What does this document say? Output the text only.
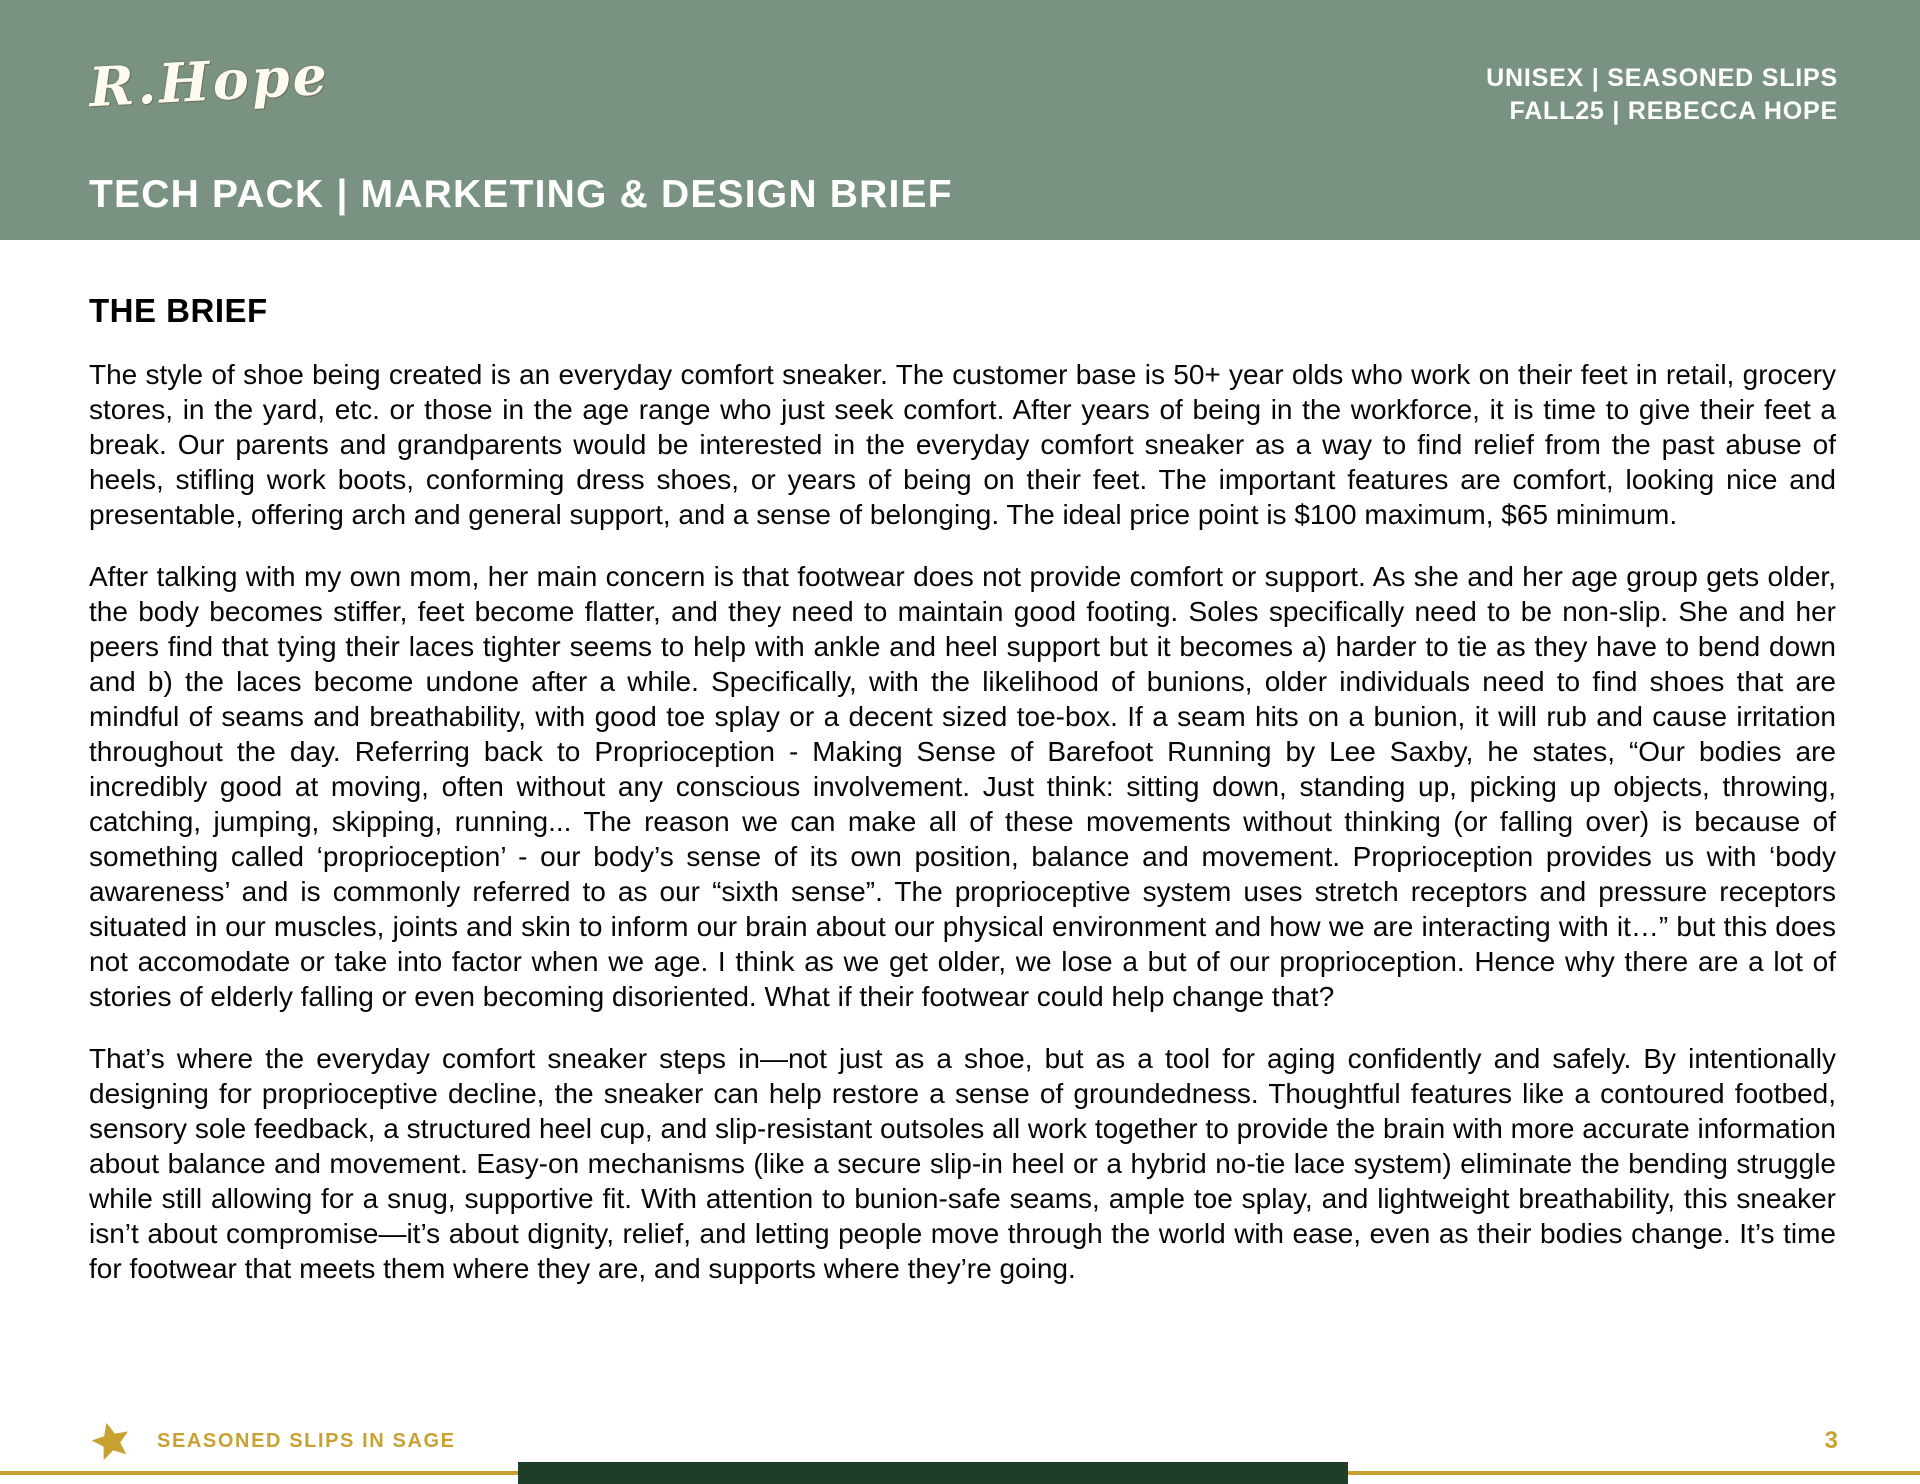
R.Hope	UNISEX | SEASONED SLIPS
FALL25 | REBECCA HOPE
TECH PACK | MARKETING & DESIGN BRIEF
THE BRIEF

The style of shoe being created is an everyday comfort sneaker. The customer base is 50+ year olds who work on their feet in retail, grocery stores, in the yard, etc. or those in the age range who just seek comfort. After years of being in the workforce, it is time to give their feet a break. Our parents and grandparents would be interested in the everyday comfort sneaker as a way to find relief from the past abuse of heels, stifling work boots, conforming dress shoes, or years of being on their feet. The important features are comfort, looking nice and presentable, offering arch and general support, and a sense of belonging. The ideal price point is $100 maximum, $65 minimum.

After talking with my own mom, her main concern is that footwear does not provide comfort or support. As she and her age group gets older, the body becomes stiffer, feet become flatter, and they need to maintain good footing. Soles specifically need to be non-slip. She and her peers find that tying their laces tighter seems to help with ankle and heel support but it becomes a) harder to tie as they have to bend down and b) the laces become undone after a while. Specifically, with the likelihood of bunions, older individuals need to find shoes that are mindful of seams and breathability, with good toe splay or a decent sized toe-box. If a seam hits on a bunion, it will rub and cause irritation throughout the day. Referring back to Proprioception - Making Sense of Barefoot Running by Lee Saxby, he states, “Our bodies are incredibly good at moving, often without any conscious involvement. Just think: sitting down, standing up, picking up objects, throwing, catching, jumping, skipping, running... The reason we can make all of these movements without thinking (or falling over) is because of something called ‘proprioception’ - our body’s sense of its own position, balance and movement. Proprioception provides us with ‘body awareness’ and is commonly referred to as our “sixth sense”. The proprioceptive system uses stretch receptors and pressure receptors situated in our muscles, joints and skin to inform our brain about our physical environment and how we are interacting with it…” but this does not accomodate or take into factor when we age. I think as we get older, we lose a but of our proprioception. Hence why there are a lot of stories of elderly falling or even becoming disoriented. What if their footwear could help change that?

That’s where the everyday comfort sneaker steps in—not just as a shoe, but as a tool for aging confidently and safely. By intentionally designing for proprioceptive decline, the sneaker can help restore a sense of groundedness. Thoughtful features like a contoured footbed, sensory sole feedback, a structured heel cup, and slip-resistant outsoles all work together to provide the brain with more accurate information about balance and movement. Easy-on mechanisms (like a secure slip-in heel or a hybrid no-tie lace system) eliminate the bending struggle while still allowing for a snug, supportive fit. With attention to bunion-safe seams, ample toe splay, and lightweight breathability, this sneaker isn’t about compromise—it’s about dignity, relief, and letting people move through the world with ease, even as their bodies change. It’s time for footwear that meets them where they are, and supports where they’re going.

SEASONED SLIPS IN SAGE	3
